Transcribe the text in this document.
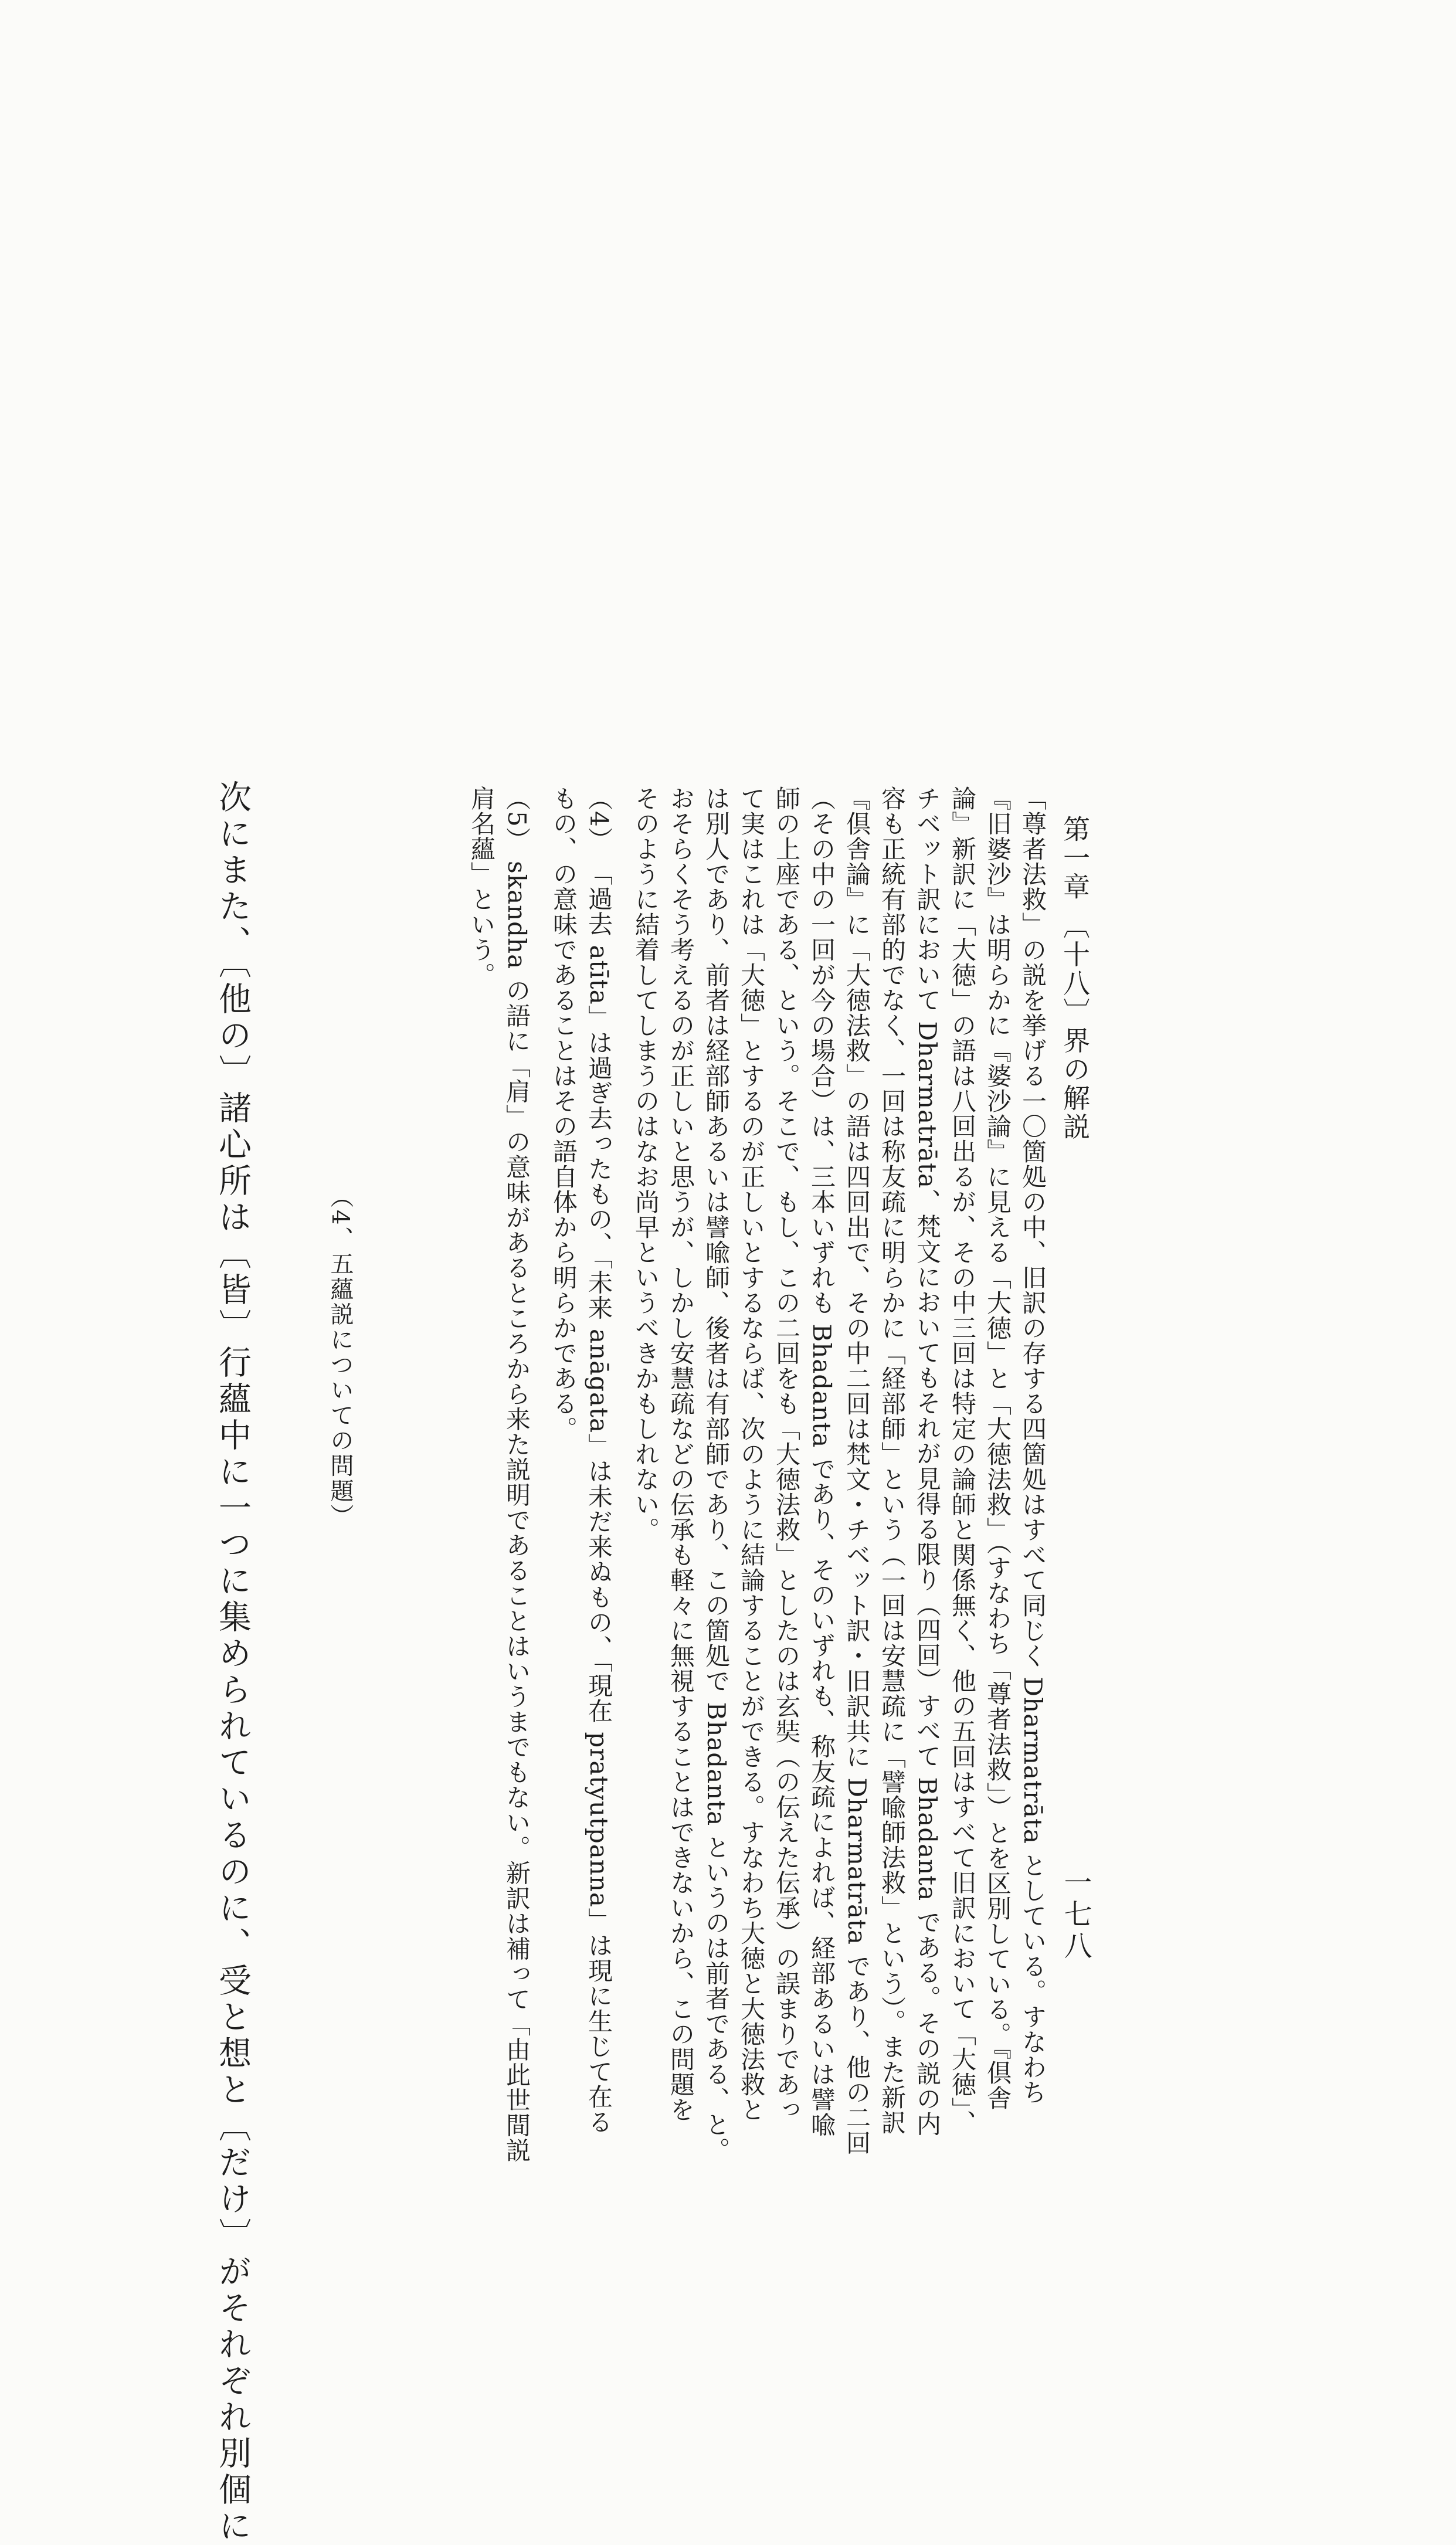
第一章 〔十八〕界の解説
一七八
「尊者法救」の説を挙げる一〇箇処の中、旧訳の存する四箇処はすべて同じく Dharmatrāta としている。すなわち
『旧婆沙』は明らかに『婆沙論』に見える「大徳」と「大徳法救」（すなわち「尊者法救」）とを区別している。『倶舎
論』新訳に「大徳」の語は八回出るが、その中三回は特定の論師と関係無く、他の五回はすべて旧訳において「大徳」、
チベット訳において Dharmatrāta、梵文においてもそれが見得る限り（四回）すべて Bhadanta である。その説の内
容も正統有部的でなく、一回は称友疏に明らかに「経部師」という（一回は安慧疏に「譬喩師法救」という）。また新訳
『倶舎論』に「大徳法救」の語は四回出で、その中二回は梵文・チベット訳・旧訳共に Dharmatrāta であり、他の二回
（その中の一回が今の場合）は、三本いずれも Bhadanta であり、そのいずれも、称友疏によれば、経部あるいは譬喩
師の上座である、という。そこで、もし、この二回をも「大徳法救」としたのは玄奘（の伝えた伝承）の誤まりであっ
て実はこれは「大徳」とするのが正しいとするならば、次のように結論することができる。すなわち大徳と大徳法救と
は別人であり、前者は経部師あるいは譬喩師、後者は有部師であり、この箇処で Bhadanta というのは前者である、と。
おそらくそう考えるのが正しいと思うが、しかし安慧疏などの伝承も軽々に無視することはできないから、この問題を
そのように結着してしまうのはなお尚早というべきかもしれない。
（4） 「過去 atīta」は過ぎ去ったもの、「未来 anāgata」は未だ来ぬもの、「現在 pratyutpanna」は現に生じて在る
もの、の意味であることはその語自体から明らかである。
（5） skandha の語に「肩」の意味があるところから来た説明であることはいうまでもない。新訳は補って「由此世間説
肩名蘊」という。
（4、五蘊説についての問題）
次にまた、〔他の〕諸心所は〔皆〕行蘊中に一つに集められているのに、受と想と〔だけ〕がそれぞれ別個に
